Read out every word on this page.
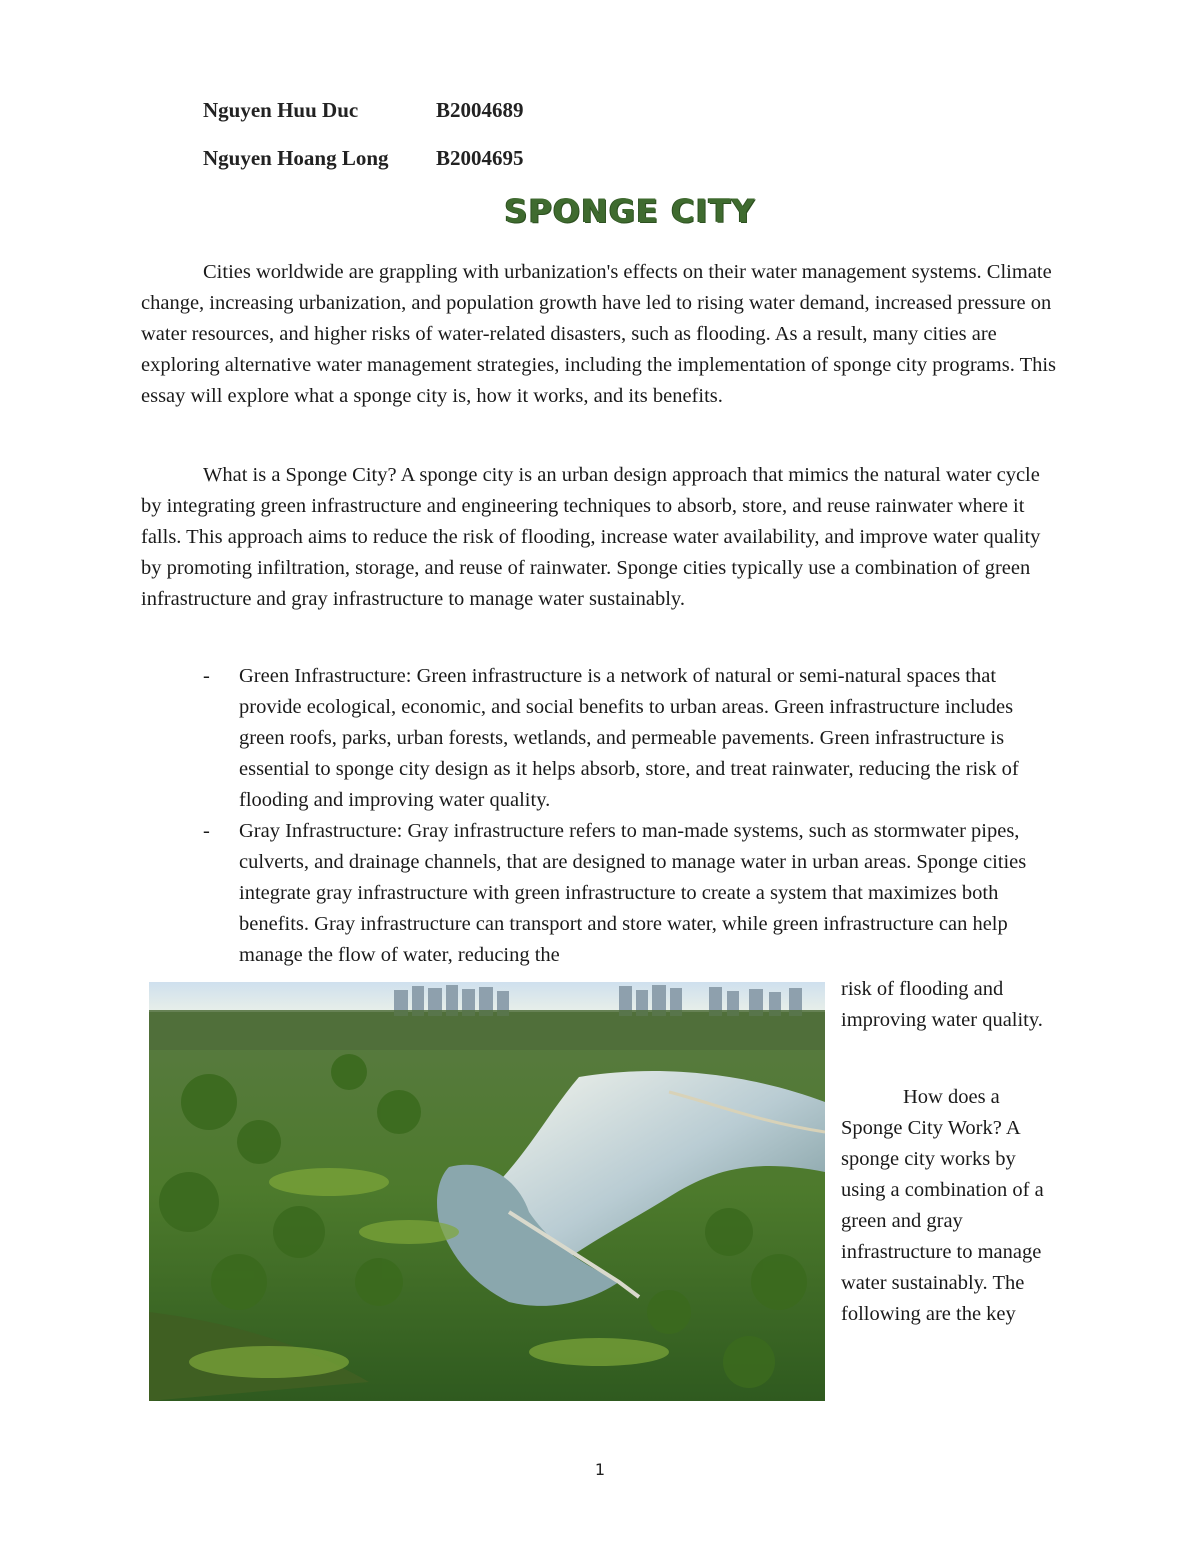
Nguyen Huu Duc	B2004689
Nguyen Hoang Long B2004695
SPONGE CITY

Cities worldwide are grappling with urbanization's effects on their water management systems. Climate change, increasing urbanization, and population growth have led to rising water demand, increased pressure on water resources, and higher risks of water-related disasters, such as flooding. As a result, many cities are exploring alternative water management strategies, including the implementation of sponge city programs. This essay will explore what a sponge city is, how it works, and its benefits.

What is a Sponge City? A sponge city is an urban design approach that mimics the natural water cycle by integrating green infrastructure and engineering techniques to absorb, store, and reuse rainwater where it falls. This approach aims to reduce the risk of flooding, increase water availability, and improve water quality by promoting infiltration, storage, and reuse of rainwater. Sponge cities typically use a combination of green infrastructure and gray infrastructure to manage water sustainably.

- Green Infrastructure: Green infrastructure is a network of natural or semi-natural spaces that provide ecological, economic, and social benefits to urban areas. Green infrastructure includes green roofs, parks, urban forests, wetlands, and permeable pavements. Green infrastructure is essential to sponge city design as it helps absorb, store, and treat rainwater, reducing the risk of flooding and improving water quality.
- Gray Infrastructure: Gray infrastructure refers to man-made systems, such as stormwater pipes, culverts, and drainage channels, that are designed to manage water in urban areas. Sponge cities integrate gray infrastructure with green infrastructure to create a system that maximizes both benefits. Gray infrastructure can transport and store water, while green infrastructure can help manage the flow of water, reducing the

risk of flooding and improving water quality.

How does a Sponge City Work? A sponge city works by using a combination of a green and gray infrastructure to manage water sustainably. The following are the key

1
